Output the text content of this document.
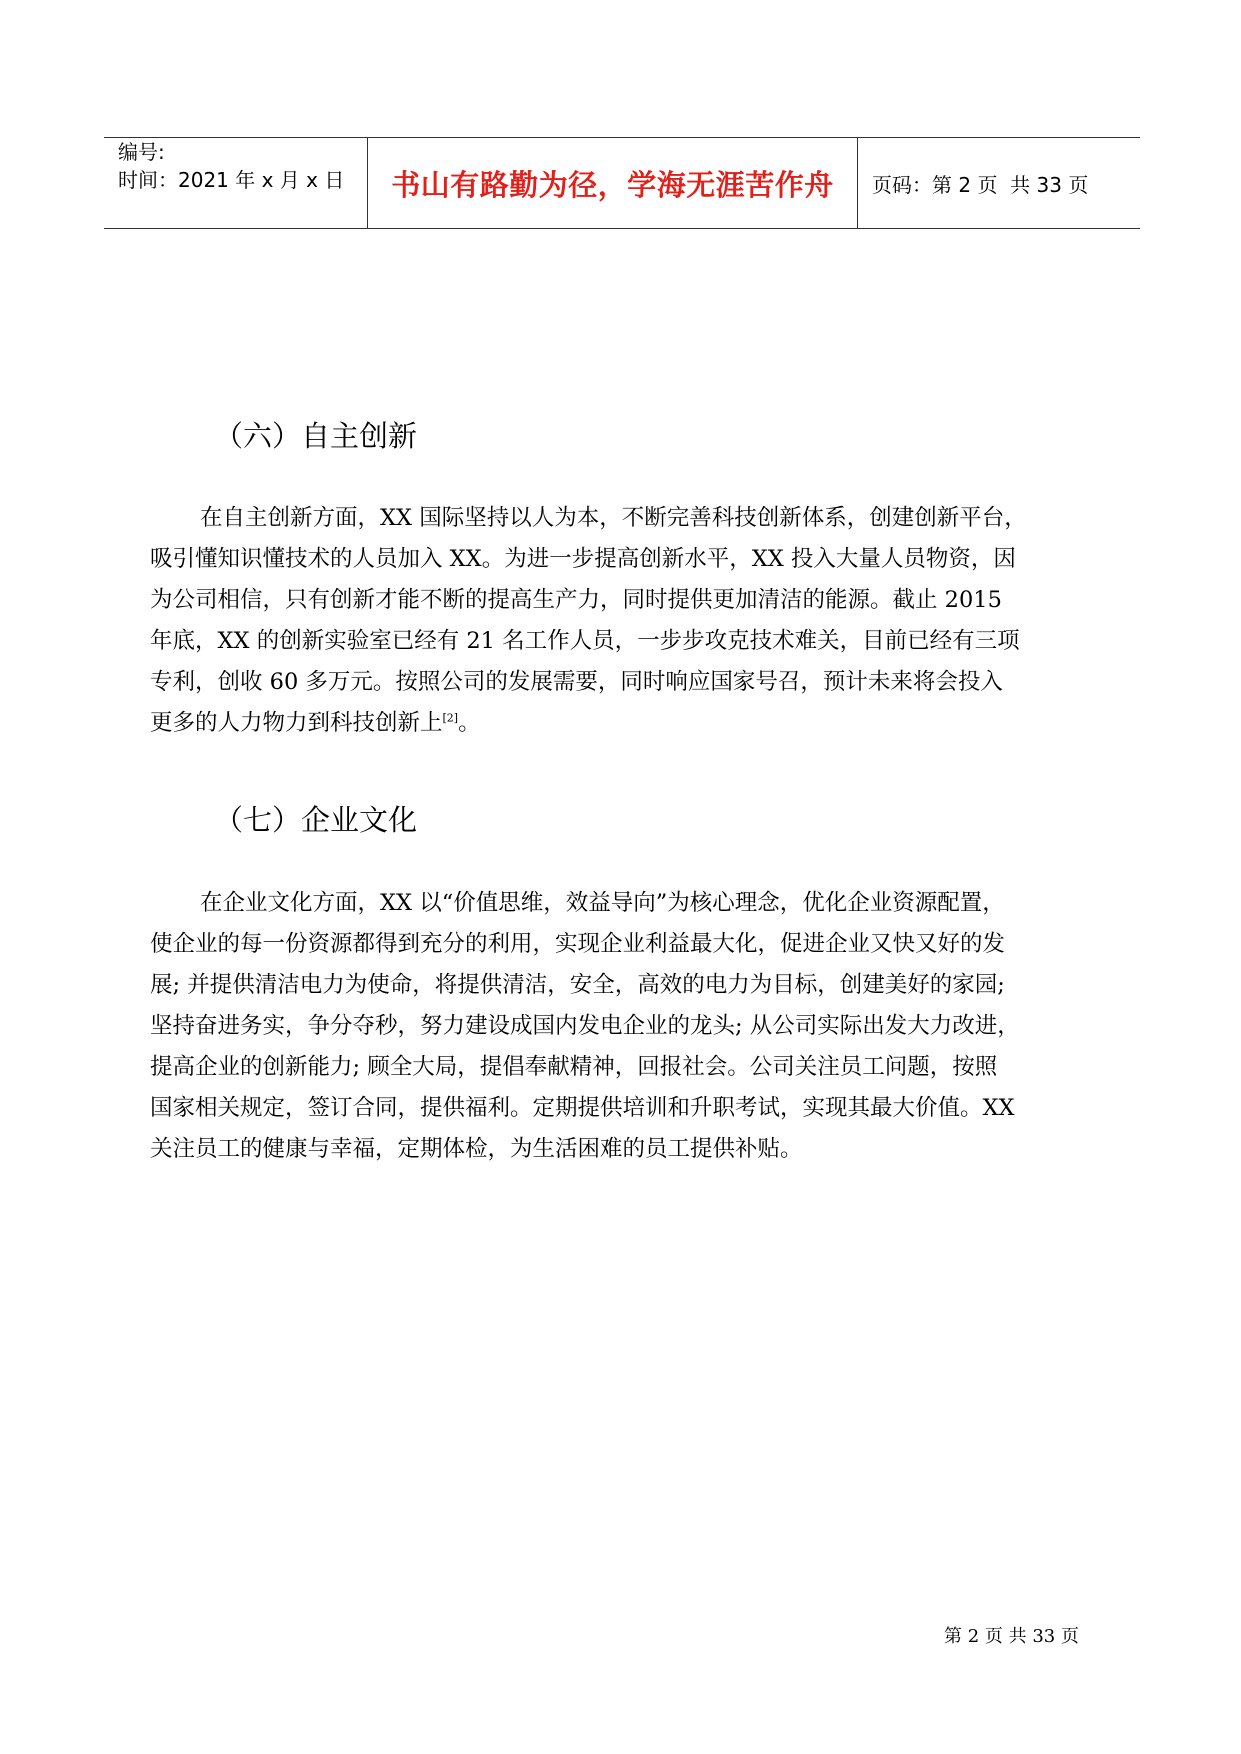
编号:
时间：2021 年 x 月 x 日	书山有路勤为径，学海无涯苦作舟	页码：第 2 页  共 33 页
（六）自主创新
在自主创新方面，XX 国际坚持以人为本，不断完善科技创新体系，创建创新平台，
吸引懂知识懂技术的人员加入 XX。为进一步提高创新水平，XX 投入大量人员物资，因
为公司相信，只有创新才能不断的提高生产力，同时提供更加清洁的能源。截止 2015
年底，XX 的创新实验室已经有 21 名工作人员，一步步攻克技术难关，目前已经有三项
专利，创收 60 多万元。按照公司的发展需要，同时响应国家号召，预计未来将会投入
更多的人力物力到科技创新上[2]。
（七）企业文化
在企业文化方面，XX 以“价值思维，效益导向”为核心理念，优化企业资源配置，
使企业的每一份资源都得到充分的利用，实现企业利益最大化，促进企业又快又好的发
展; 并提供清洁电力为使命，将提供清洁，安全，高效的电力为目标，创建美好的家园;
坚持奋进务实，争分夺秒，努力建设成国内发电企业的龙头; 从公司实际出发大力改进，
提高企业的创新能力; 顾全大局，提倡奉献精神，回报社会。公司关注员工问题，按照
国家相关规定，签订合同，提供福利。定期提供培训和升职考试，实现其最大价值。XX
关注员工的健康与幸福，定期体检，为生活困难的员工提供补贴。
第 2 页 共 33 页
